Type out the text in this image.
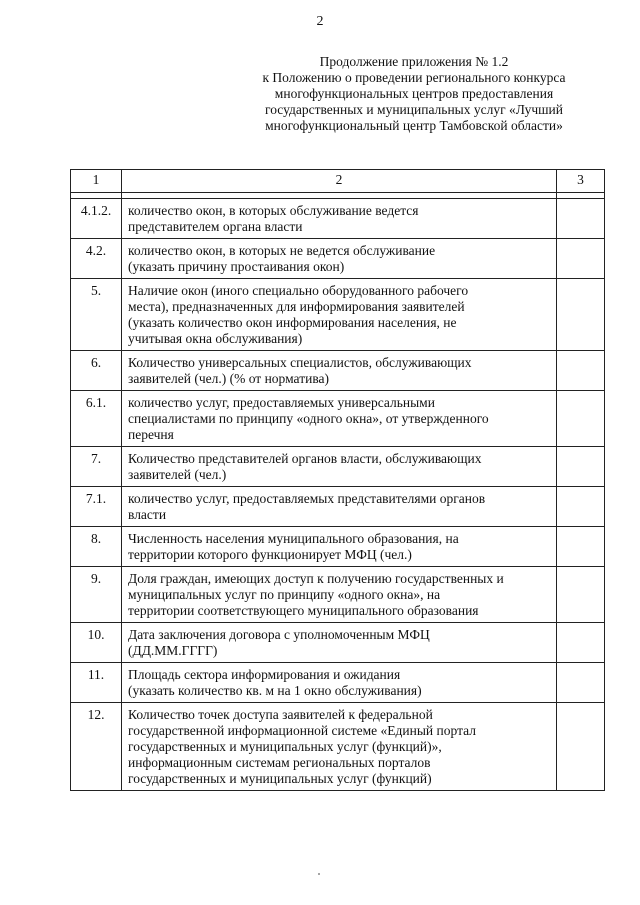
2
Продолжение приложения № 1.2
к Положению о проведении регионального конкурса
многофункциональных центров предоставления
государственных и муниципальных услуг «Лучший
многофункциональный центр Тамбовской области»
1	2	3

4.1.2.	количество окон, в которых обслуживание ведется
представителем органа власти	

4.2.	количество окон, в которых не ведется обслуживание
(указать причину простаивания окон)	

5.	Наличие окон (иного специально оборудованного рабочего
места), предназначенных для информирования заявителей
(указать количество окон информирования населения, не
учитывая окна обслуживания)	

6.	Количество универсальных специалистов, обслуживающих
заявителей (чел.) (% от норматива)	

6.1.	количество услуг, предоставляемых универсальными
специалистами по принципу «одного окна», от утвержденного
перечня	

7.	Количество представителей органов власти, обслуживающих
заявителей (чел.)	

7.1.	количество услуг, предоставляемых представителями органов
власти	

8.	Численность населения муниципального образования, на
территории которого функционирует МФЦ (чел.)	

9.	Доля граждан, имеющих доступ к получению государственных и
муниципальных услуг по принципу «одного окна», на
территории соответствующего муниципального образования	

10.	Дата заключения договора с уполномоченным МФЦ
(ДД.ММ.ГГГГ)	

11.	Площадь сектора информирования и ожидания
(указать количество кв. м на 1 окно обслуживания)	

12.	Количество точек доступа заявителей к федеральной
государственной информационной системе «Единый портал
государственных и муниципальных услуг (функций)»,
информационным системам региональных порталов
государственных и муниципальных услуг (функций)	
